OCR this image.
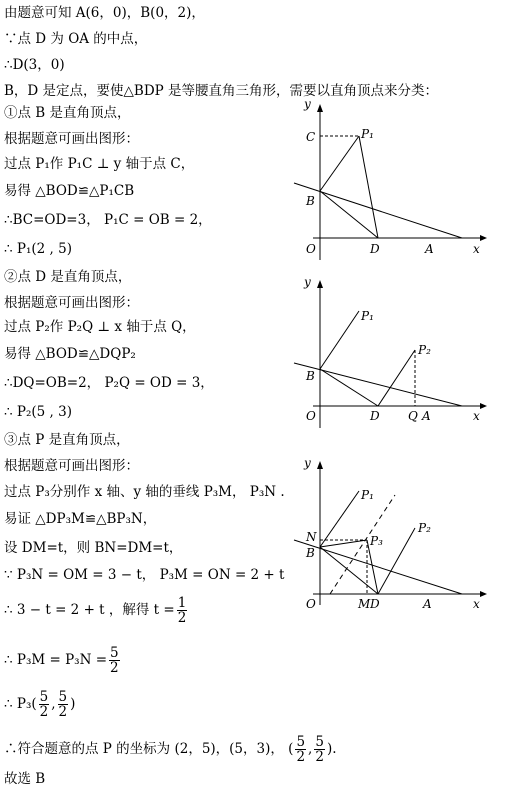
由题意可知 A(6，0)，B(0，2)，
∵点 D 为 OA 的中点，
∴D(3，0)
B，D 是定点，要使△BDP 是等腰直角三角形，需要以直角顶点来分类：
①点 B 是直角顶点，
根据题意可画出图形：
过点 P₁作 P₁C ⊥ y 轴于点 C，
易得 △BOD≌△P₁CB
∴BC=OD=3， P₁C = OB = 2，
∴ P₁(2 , 5)
②点 D 是直角顶点，
根据题意可画出图形：
过点 P₂作 P₂Q ⊥ x 轴于点 Q，
易得 △BOD≌△DQP₂
∴DQ=OB=2， P₂Q = OD = 3，
∴ P₂(5 , 3)
③点 P 是直角顶点，
根据题意可画出图形：
过点 P₃分别作 x 轴、y 轴的垂线 P₃M， P₃N .
易证 △DP₃M≌△BP₃N，
设 DM=t，则 BN=DM=t，
∵ P₃N = OM = 3 − t， P₃M = ON = 2 + t
∴ 3 − t = 2 + t ，解得 $t = \frac{1}{2}$
∴ $P_3M = P_3N = \frac{5}{2}$
∴ $P_3( \frac{5}{2}$ , $\frac{5}{2}$ )
∴符合题意的点 P 的坐标为 (2，5)，(5，3)， ( $\frac{5}{2}$ , $\frac{5}{2}$ ).
故选 B
y
C	P₁
B
O	D	A	x
y
P₁
P₂
B
O	D Q A	x
y
P₁
P₂
P₃
N
B
O	M D	A	x
